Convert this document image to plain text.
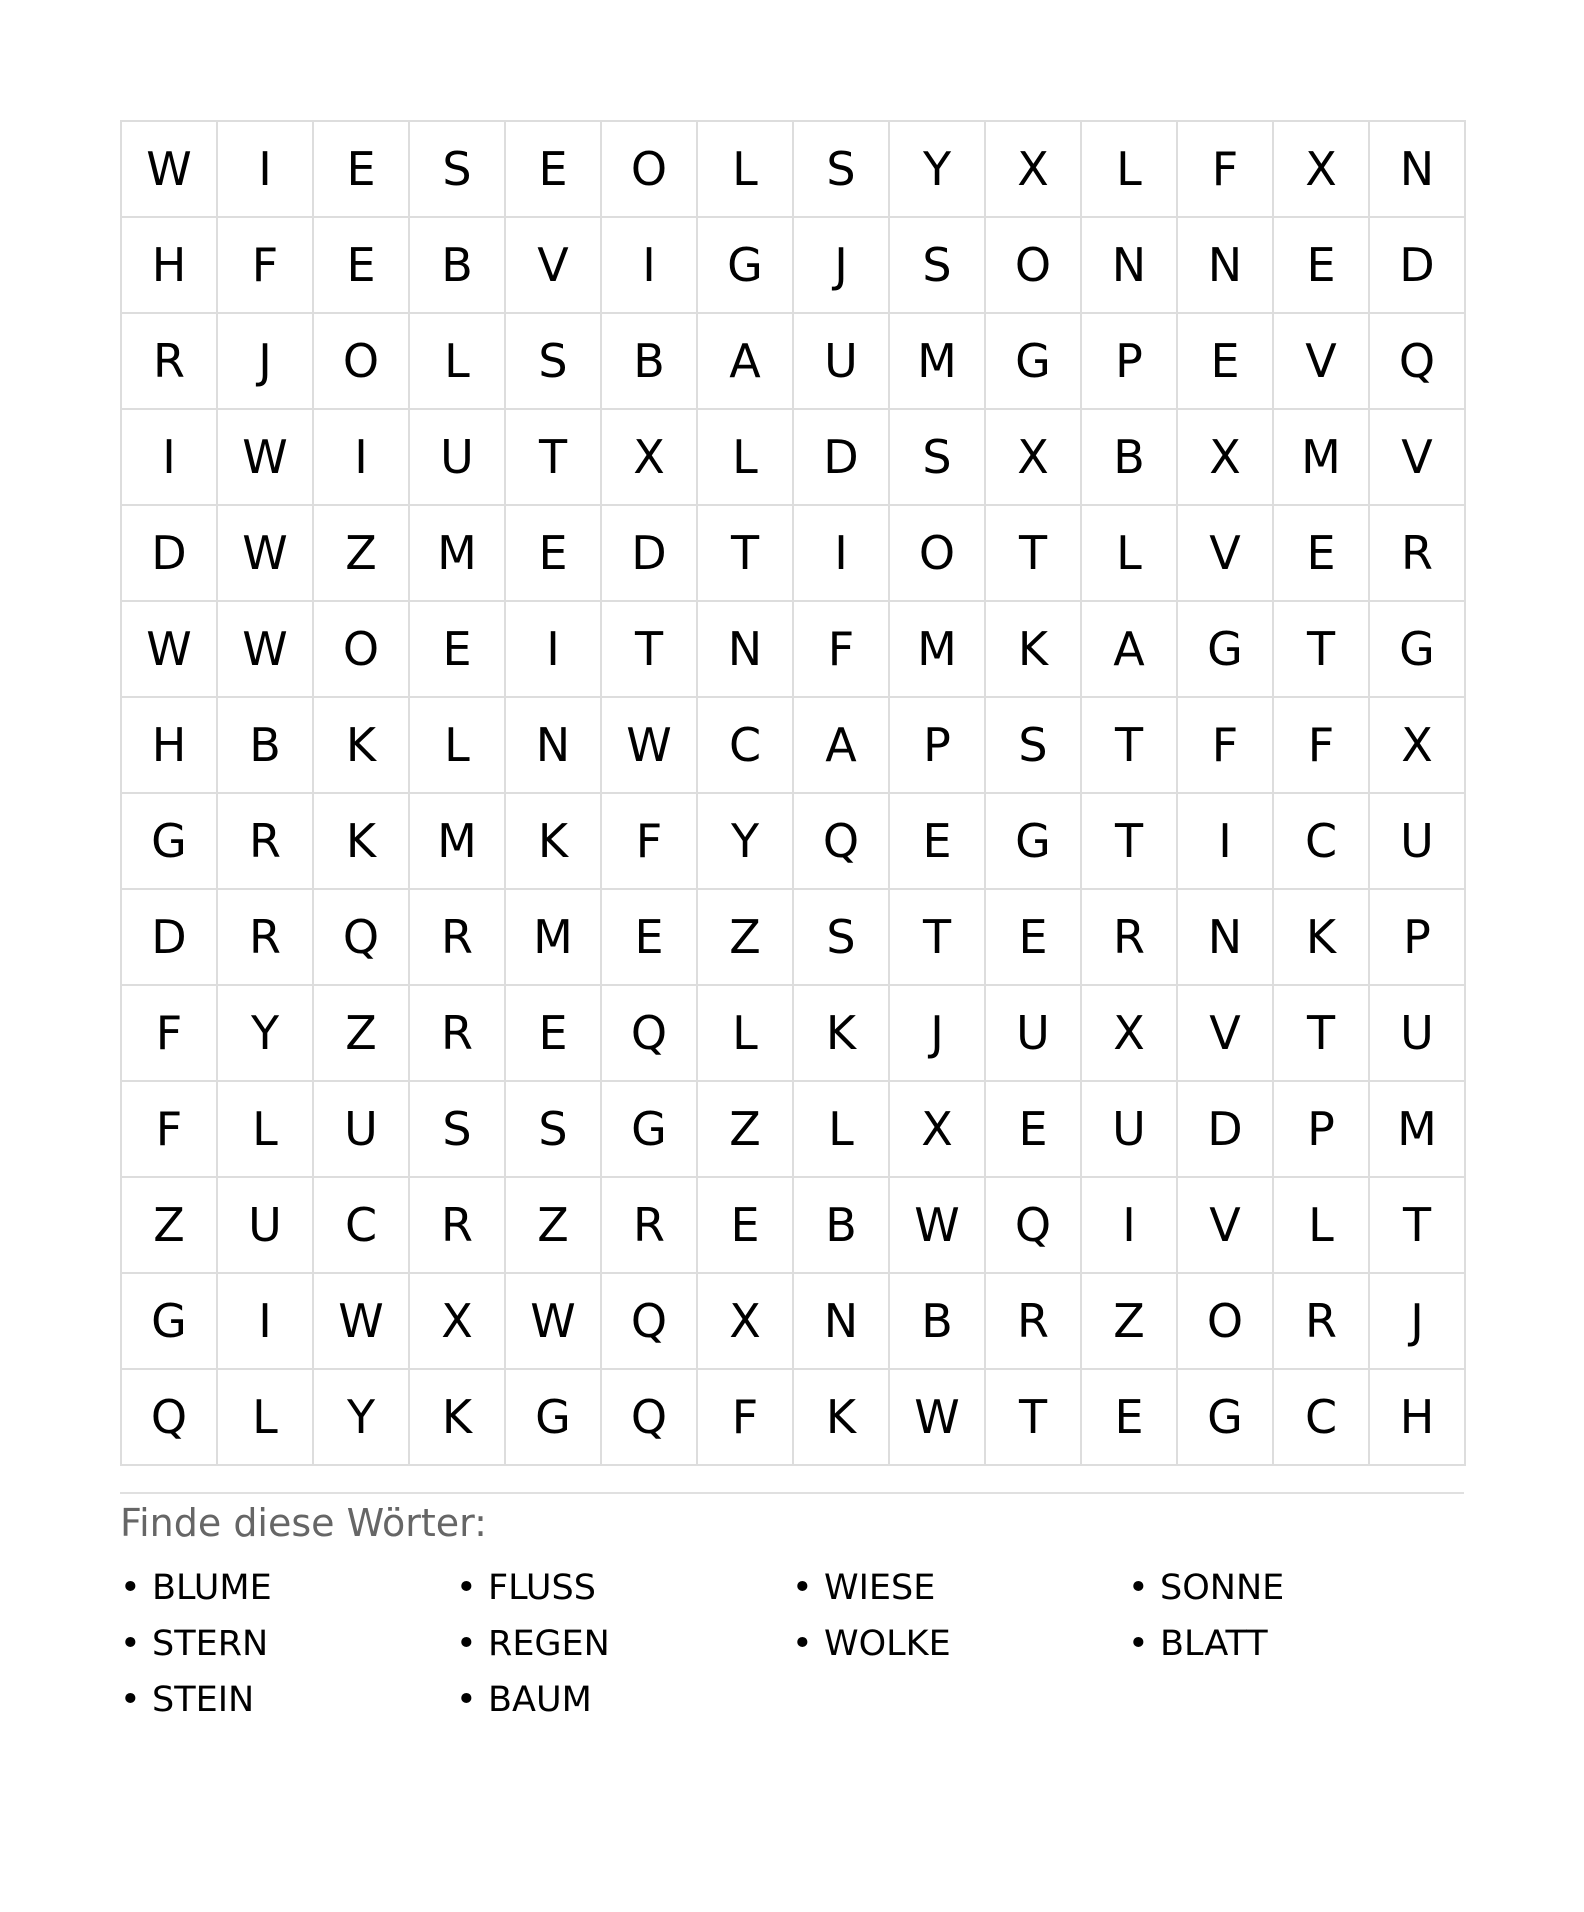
W	I	E	S	E	O	L	S	Y	X	L	F	X	N
H	F	E	B	V	I	G	J	S	O	N	N	E	D
R	J	O	L	S	B	A	U	M	G	P	E	V	Q
I	W	I	U	T	X	L	D	S	X	B	X	M	V
D	W	Z	M	E	D	T	I	O	T	L	V	E	R
W	W	O	E	I	T	N	F	M	K	A	G	T	G
H	B	K	L	N	W	C	A	P	S	T	F	F	X
G	R	K	M	K	F	Y	Q	E	G	T	I	C	U
D	R	Q	R	M	E	Z	S	T	E	R	N	K	P
F	Y	Z	R	E	Q	L	K	J	U	X	V	T	U
F	L	U	S	S	G	Z	L	X	E	U	D	P	M
Z	U	C	R	Z	R	E	B	W	Q	I	V	L	T
G	I	W	X	W	Q	X	N	B	R	Z	O	R	J
Q	L	Y	K	G	Q	F	K	W	T	E	G	C	H
Finde diese Wörter:
• BLUME	• FLUSS	• WIESE	• SONNE
• STERN	• REGEN	• WOLKE	• BLATT
• STEIN	• BAUM
